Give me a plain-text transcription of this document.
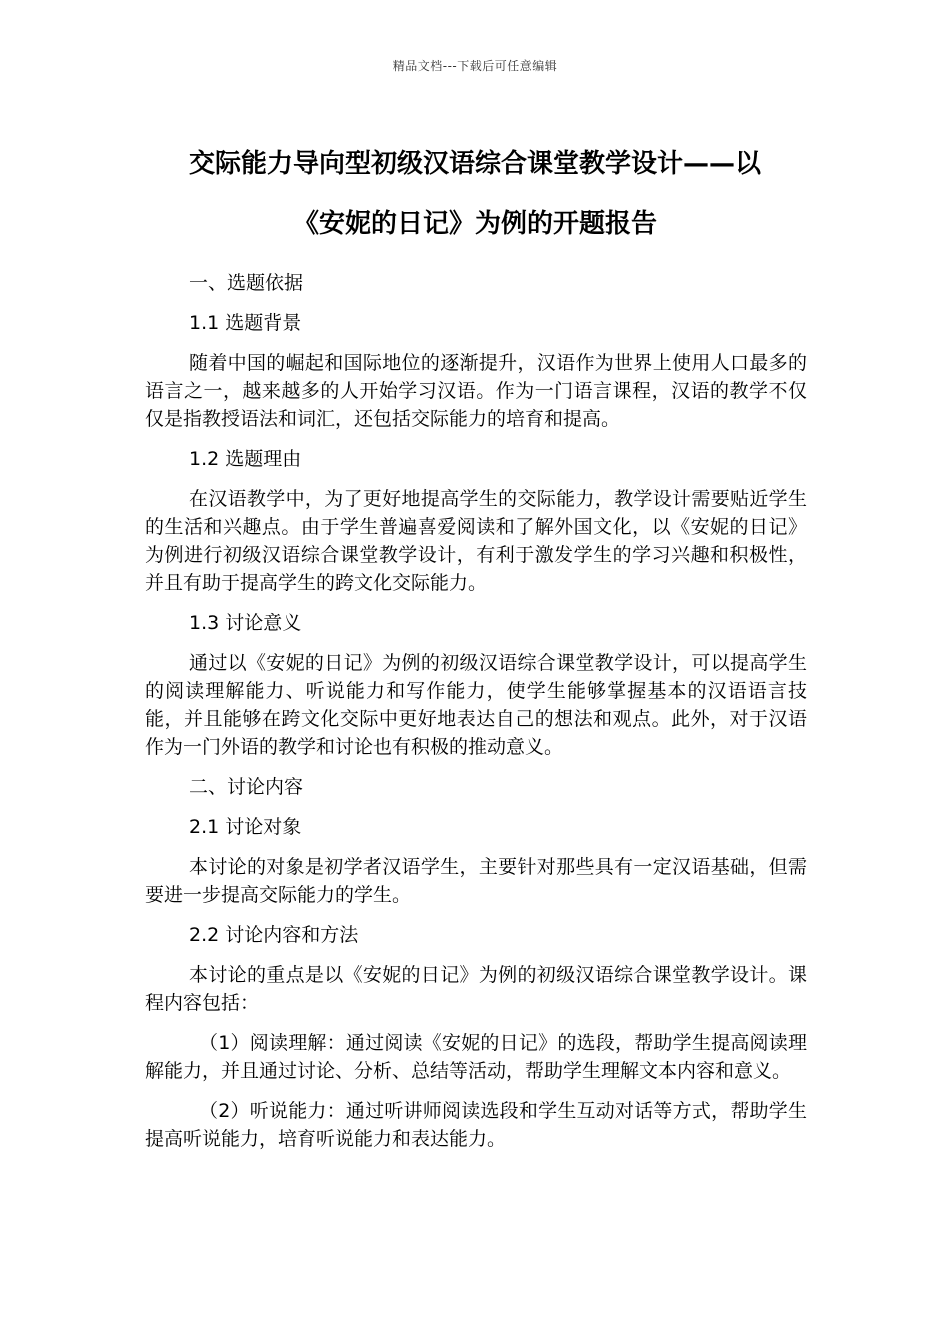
精品文档---下载后可任意编辑
交际能力导向型初级汉语综合课堂教学设计——以
《安妮的日记》为例的开题报告
一、选题依据
1.1 选题背景

随着中国的崛起和国际地位的逐渐提升，汉语作为世界上使用人口最多的语言之一，越来越多的人开始学习汉语。作为一门语言课程，汉语的教学不仅仅是指教授语法和词汇，还包括交际能力的培育和提高。

1.2 选题理由

在汉语教学中，为了更好地提高学生的交际能力，教学设计需要贴近学生的生活和兴趣点。由于学生普遍喜爱阅读和了解外国文化，以《安妮的日记》为例进行初级汉语综合课堂教学设计，有利于激发学生的学习兴趣和积极性，并且有助于提高学生的跨文化交际能力。

1.3 讨论意义

通过以《安妮的日记》为例的初级汉语综合课堂教学设计，可以提高学生的阅读理解能力、听说能力和写作能力，使学生能够掌握基本的汉语语言技能，并且能够在跨文化交际中更好地表达自己的想法和观点。此外，对于汉语作为一门外语的教学和讨论也有积极的推动意义。

二、讨论内容
2.1 讨论对象

本讨论的对象是初学者汉语学生，主要针对那些具有一定汉语基础，但需要进一步提高交际能力的学生。

2.2 讨论内容和方法

本讨论的重点是以《安妮的日记》为例的初级汉语综合课堂教学设计。课程内容包括：

（1）阅读理解：通过阅读《安妮的日记》的选段，帮助学生提高阅读理解能力，并且通过讨论、分析、总结等活动，帮助学生理解文本内容和意义。

（2）听说能力：通过听讲师阅读选段和学生互动对话等方式，帮助学生提高听说能力，培育听说能力和表达能力。
